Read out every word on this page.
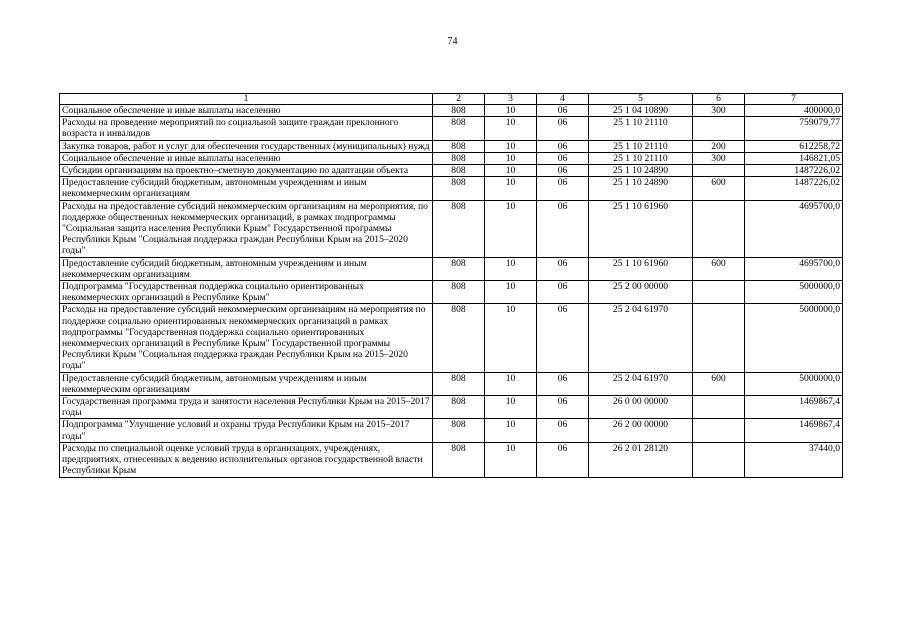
74
1	2	3	4	5	6	7
Социальное обеспечение и иные выплаты населению	808	10	06	25 1 04 10890	300	400000,0
Расходы на проведение мероприятий по социальной защите граждан преклонного возраста и инвалидов	808	10	06	25 1 10 21110		759079,77
Закупка товаров, работ и услуг для обеспечения государственных (муниципальных) нужд	808	10	06	25 1 10 21110	200	612258,72
Социальное обеспечение и иные выплаты населению	808	10	06	25 1 10 21110	300	146821,05
Субсидии организациям на проектно–сметную документацию по адаптации объекта	808	10	06	25 1 10 24890		1487226,02
Предоставление субсидий бюджетным, автономным учреждениям и иным некоммерческим организациям	808	10	06	25 1 10 24890	600	1487226,02
Расходы на предоставление субсидий некоммерческим организациям на мероприятия, по поддержке общественных некоммерческих организаций, в рамках подпрограммы "Социальная защита населения Республики Крым" Государственной программы Республики Крым "Социальная поддержка граждан Республики Крым на 2015–2020 годы"	808	10	06	25 1 10 61960		4695700,0
Предоставление субсидий бюджетным, автономным учреждениям и иным некоммерческим организациям	808	10	06	25 1 10 61960	600	4695700,0
Подпрограмма "Государственная поддержка социально ориентированных некоммерческих организаций в Республике Крым"	808	10	06	25 2 00 00000		5000000,0
Расходы на предоставление субсидий некоммерческим организациям на мероприятия по поддержке социально ориентированных некоммерческих организаций в рамках подпрограммы "Государственная поддержка социально ориентированных некоммерческих организаций в Республике Крым" Государственной программы Республики Крым "Социальная поддержка граждан Республики Крым на 2015–2020 годы"	808	10	06	25 2 04 61970		5000000,0
Предоставление субсидий бюджетным, автономным учреждениям и иным некоммерческим организациям	808	10	06	25 2 04 61970	600	5000000,0
Государственная программа труда и занятости населения Республики Крым на 2015–2017 годы	808	10	06	26 0 00 00000		1469867,4
Подпрограмма "Улучшение условий и охраны труда Республики Крым на 2015–2017 годы"	808	10	06	26 2 00 00000		1469867,4
Расходы по специальной оценке условий труда в организациях, учреждениях, предприятиях, отнесенных к ведению исполнительных органов государственной власти Республики Крым	808	10	06	26 2 01 28120		37440,0
